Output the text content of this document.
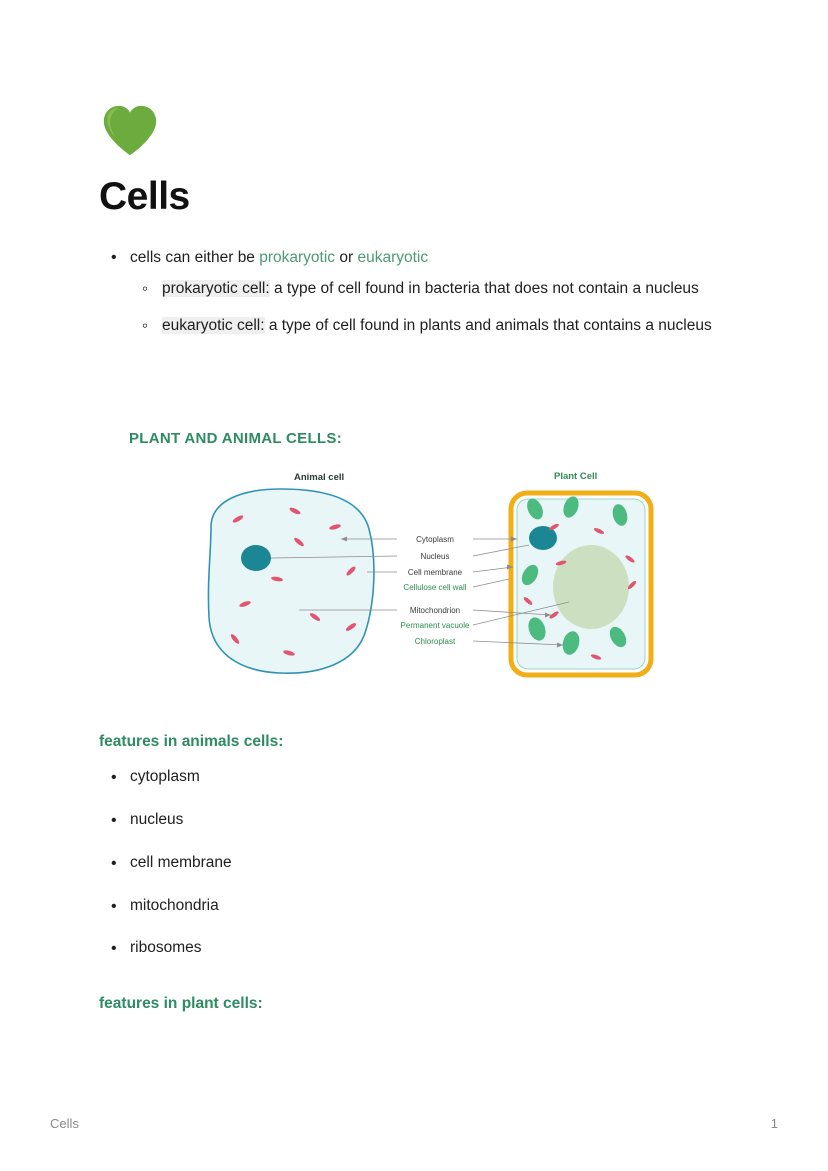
Cells
• cells can either be prokaryotic or eukaryotic
◦ prokaryotic cell: a type of cell found in bacteria that does not contain a nucleus
◦ eukaryotic cell: a type of cell found in plants and animals that contains a nucleus
PLANT AND ANIMAL CELLS:
Animal cell	Plant Cell
Cytoplasm
Nucleus
Cell membrane
Cellulose cell wall
Mitochondrion
Permanent vacuole
Chloroplast
features in animals cells:
• cytoplasm
• nucleus
• cell membrane
• mitochondria
• ribosomes
features in plant cells:
Cells	1
